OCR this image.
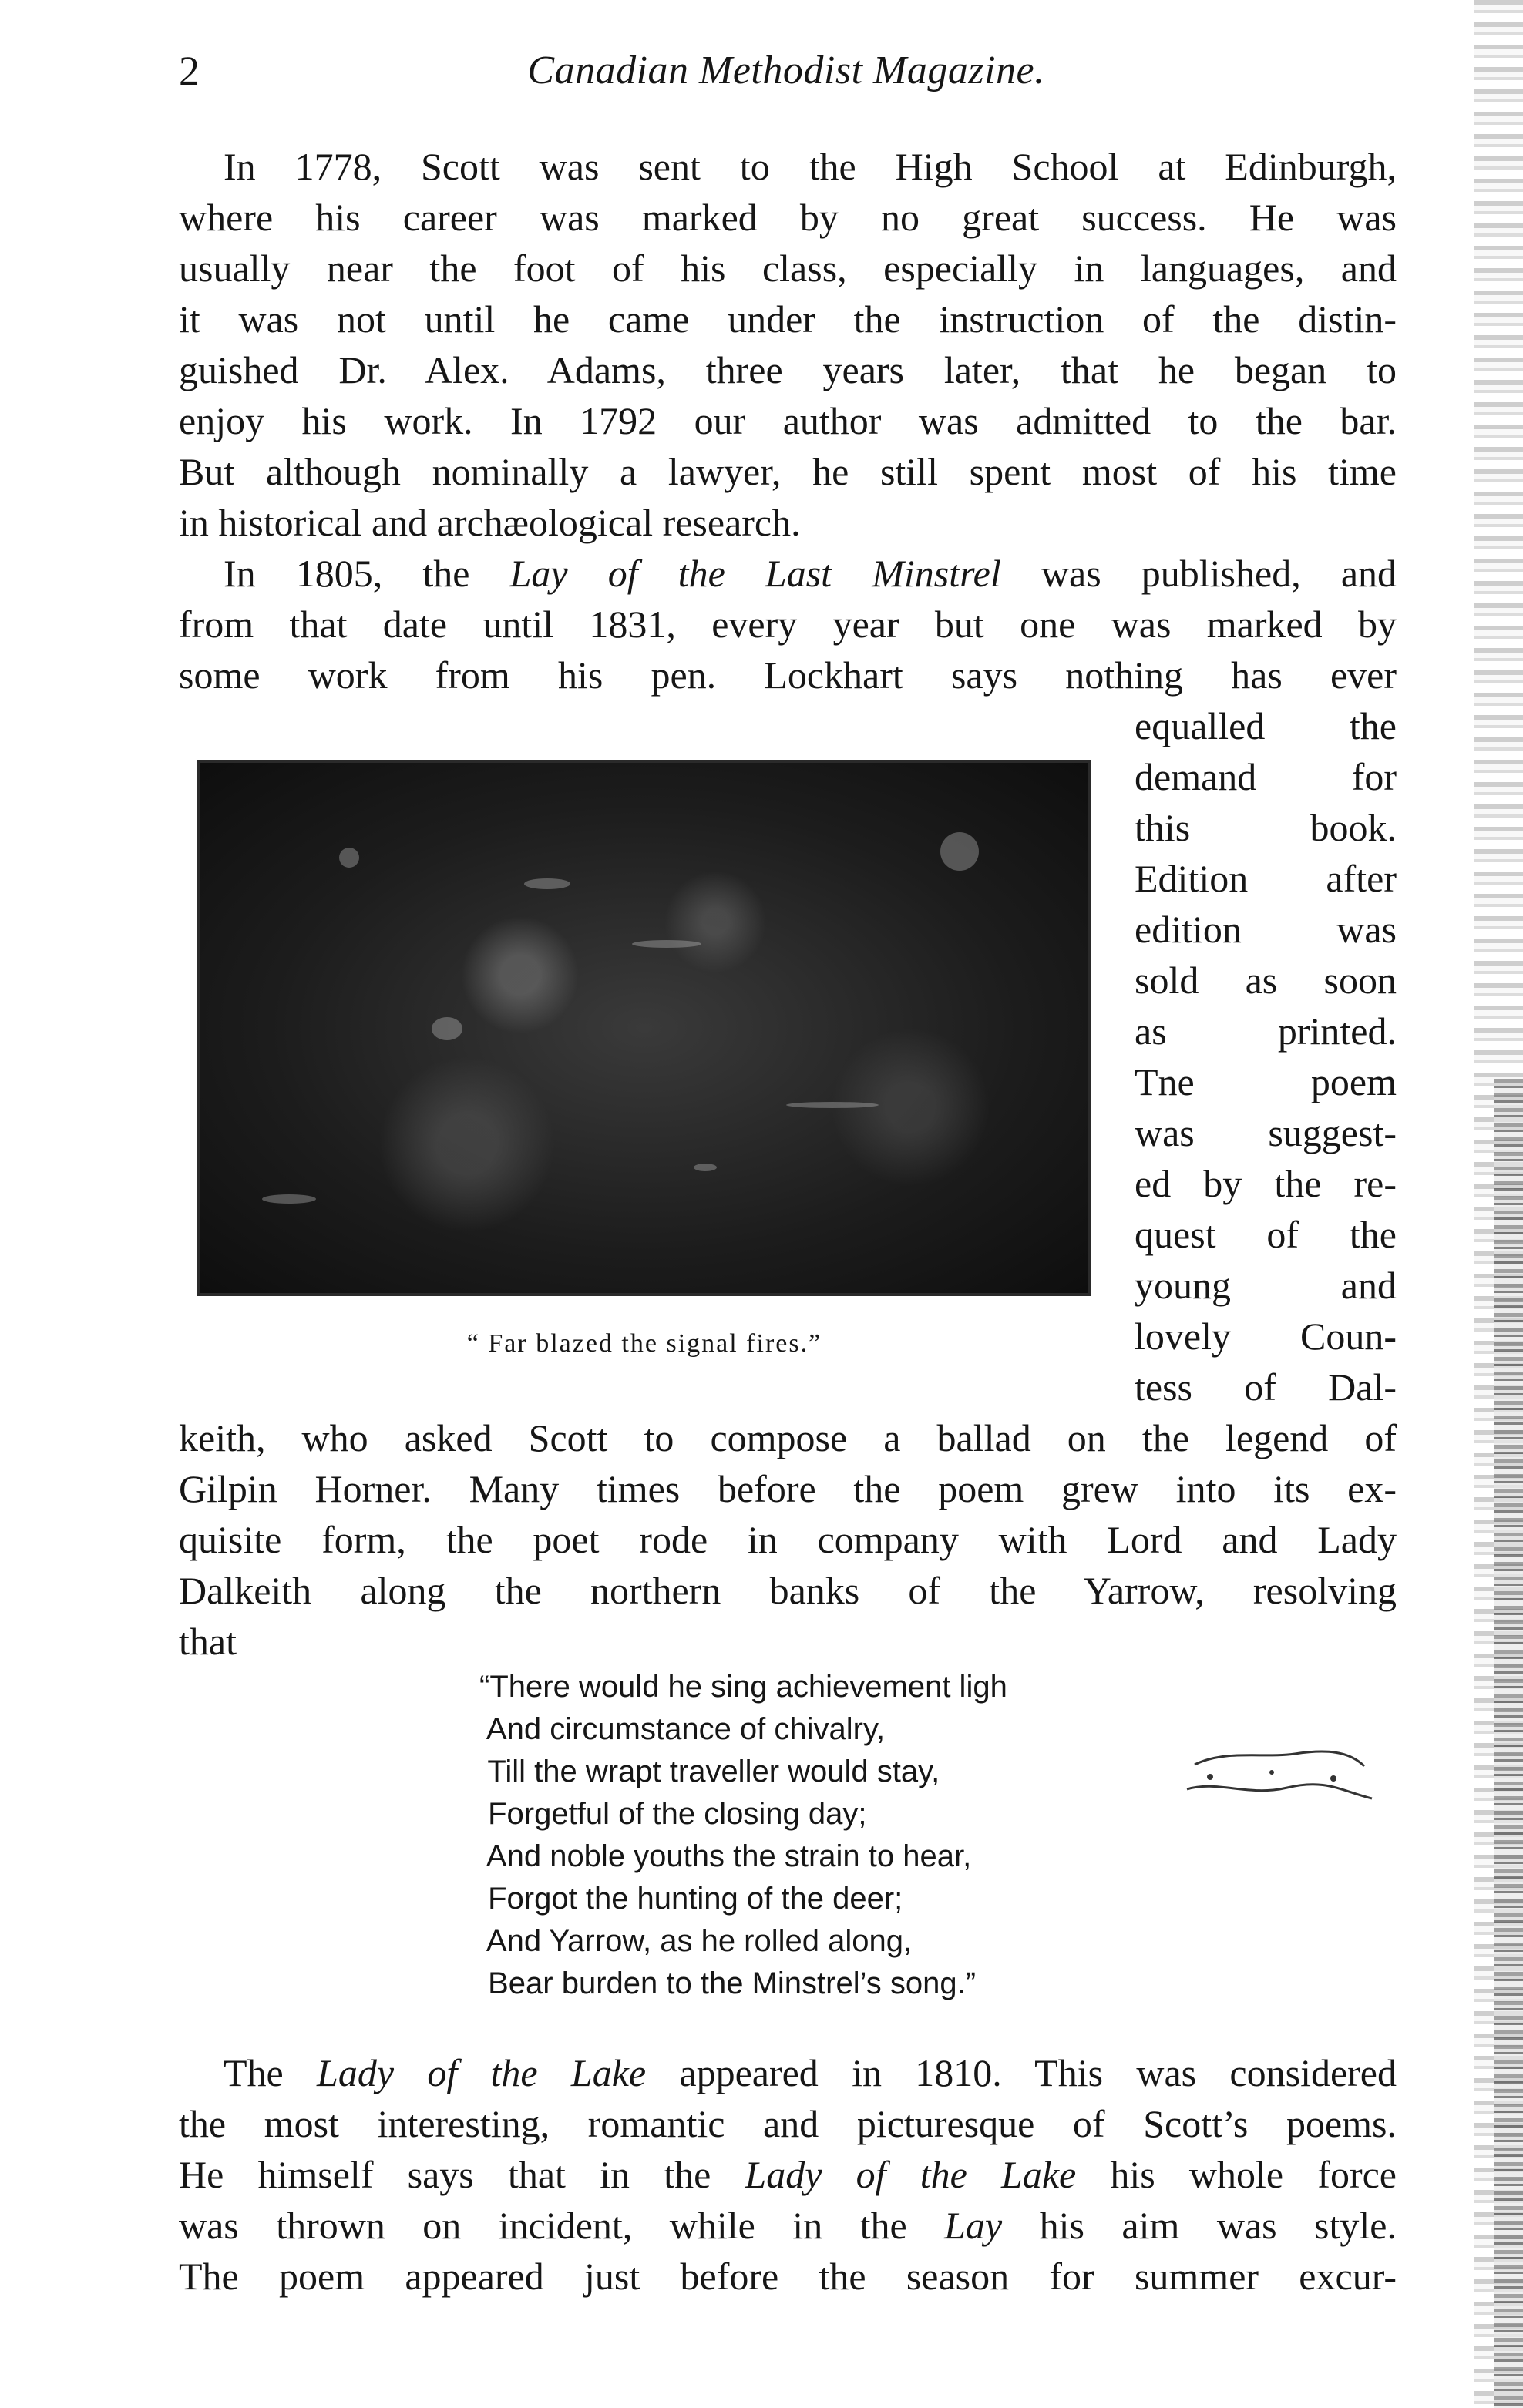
2	Canadian Methodist Magazine.
In 1778, Scott was sent to the High School at Edinburgh,
where his career was marked by no great success. He was
usually near the foot of his class, especially in languages, and
it was not until he came under the instruction of the distin-
guished Dr. Alex. Adams, three years later, that he began to
enjoy his work. In 1792 our author was admitted to the bar.
But although nominally a lawyer, he still spent most of his time
in historical and archæological research.
In 1805, the Lay of the Last Minstrel was published, and
from that date until 1831, every year but one was marked by
some work from his pen. Lockhart says nothing has ever
equalled the
demand for
this book.
Edition after
edition was
sold as soon
as printed.
Tne poem
was suggest-
ed by the re-
quest of the
young and
lovely Coun-
tess of Dal-
keith, who asked Scott to compose a ballad on the legend of
Gilpin Horner. Many times before the poem grew into its ex-
quisite form, the poet rode in company with Lord and Lady
Dalkeith along the northern banks of the Yarrow, resolving
that
“ Far blazed the signal fires.”
“There would he sing achievement ligh
And circumstance of chivalry,
Till the wrapt traveller would stay,
Forgetful of the closing day;
And noble youths the strain to hear,
Forgot the hunting of the deer;
And Yarrow, as he rolled along,
Bear burden to the Minstrel’s song.”
The Lady of the Lake appeared in 1810. This was considered
the most interesting, romantic and picturesque of Scott’s poems.
He himself says that in the Lady of the Lake his whole force
was thrown on incident, while in the Lay his aim was style.
The poem appeared just before the season for summer excur-
